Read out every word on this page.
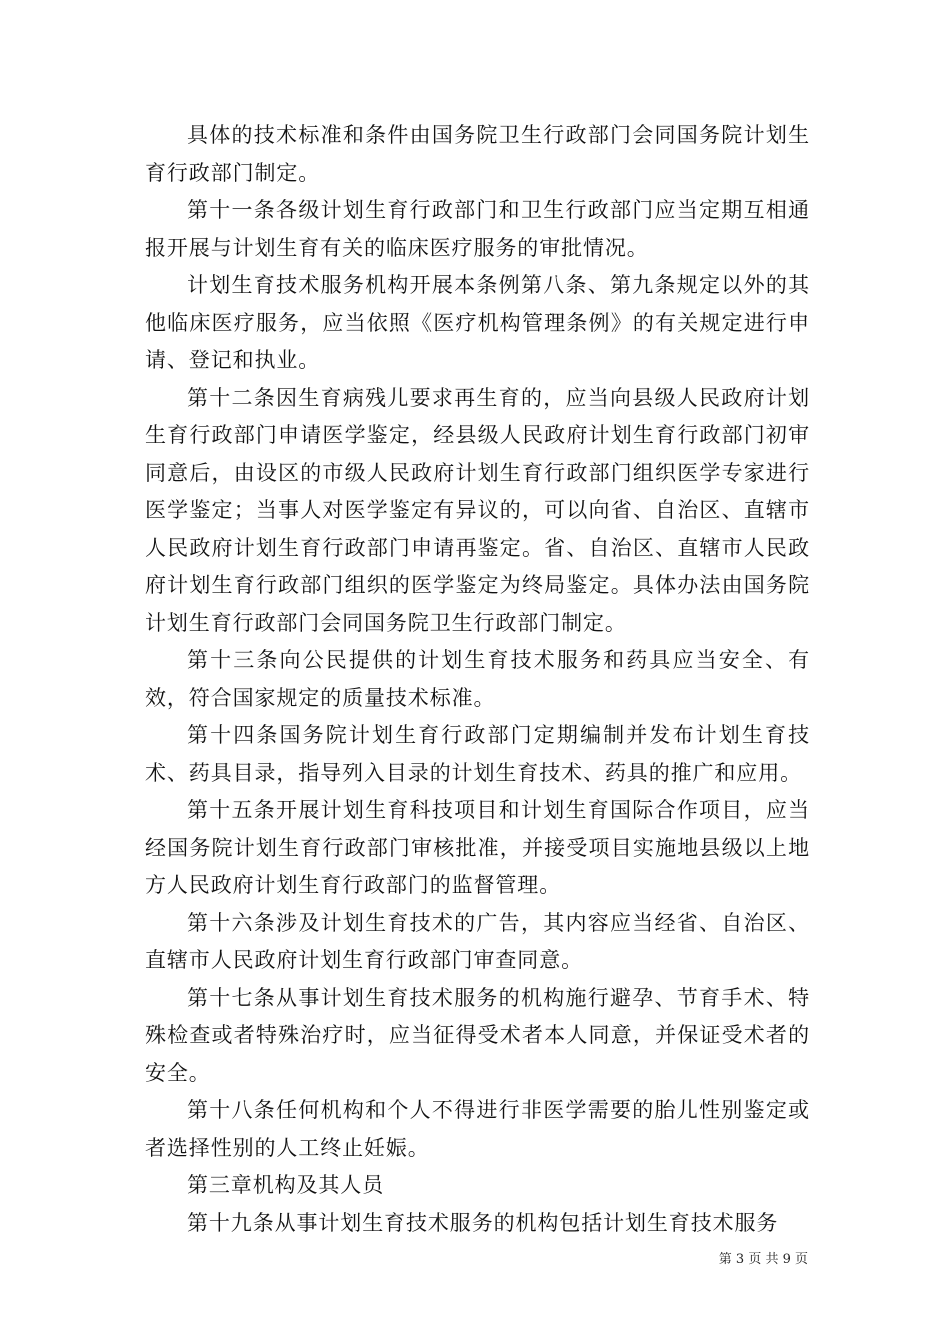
具体的技术标准和条件由国务院卫生行政部门会同国务院计划生育行政部门制定。

第十一条各级计划生育行政部门和卫生行政部门应当定期互相通报开展与计划生育有关的临床医疗服务的审批情况。

计划生育技术服务机构开展本条例第八条、第九条规定以外的其他临床医疗服务，应当依照《医疗机构管理条例》的有关规定进行申请、登记和执业。

第十二条因生育病残儿要求再生育的，应当向县级人民政府计划生育行政部门申请医学鉴定，经县级人民政府计划生育行政部门初审同意后，由设区的市级人民政府计划生育行政部门组织医学专家进行医学鉴定；当事人对医学鉴定有异议的，可以向省、自治区、直辖市人民政府计划生育行政部门申请再鉴定。省、自治区、直辖市人民政府计划生育行政部门组织的医学鉴定为终局鉴定。具体办法由国务院计划生育行政部门会同国务院卫生行政部门制定。

第十三条向公民提供的计划生育技术服务和药具应当安全、有效，符合国家规定的质量技术标准。

第十四条国务院计划生育行政部门定期编制并发布计划生育技术、药具目录，指导列入目录的计划生育技术、药具的推广和应用。

第十五条开展计划生育科技项目和计划生育国际合作项目，应当经国务院计划生育行政部门审核批准，并接受项目实施地县级以上地方人民政府计划生育行政部门的监督管理。

第十六条涉及计划生育技术的广告，其内容应当经省、自治区、直辖市人民政府计划生育行政部门审查同意。

第十七条从事计划生育技术服务的机构施行避孕、节育手术、特殊检查或者特殊治疗时，应当征得受术者本人同意，并保证受术者的安全。

第十八条任何机构和个人不得进行非医学需要的胎儿性别鉴定或者选择性别的人工终止妊娠。

第三章机构及其人员

第十九条从事计划生育技术服务的机构包括计划生育技术服务

第 3 页 共 9 页
